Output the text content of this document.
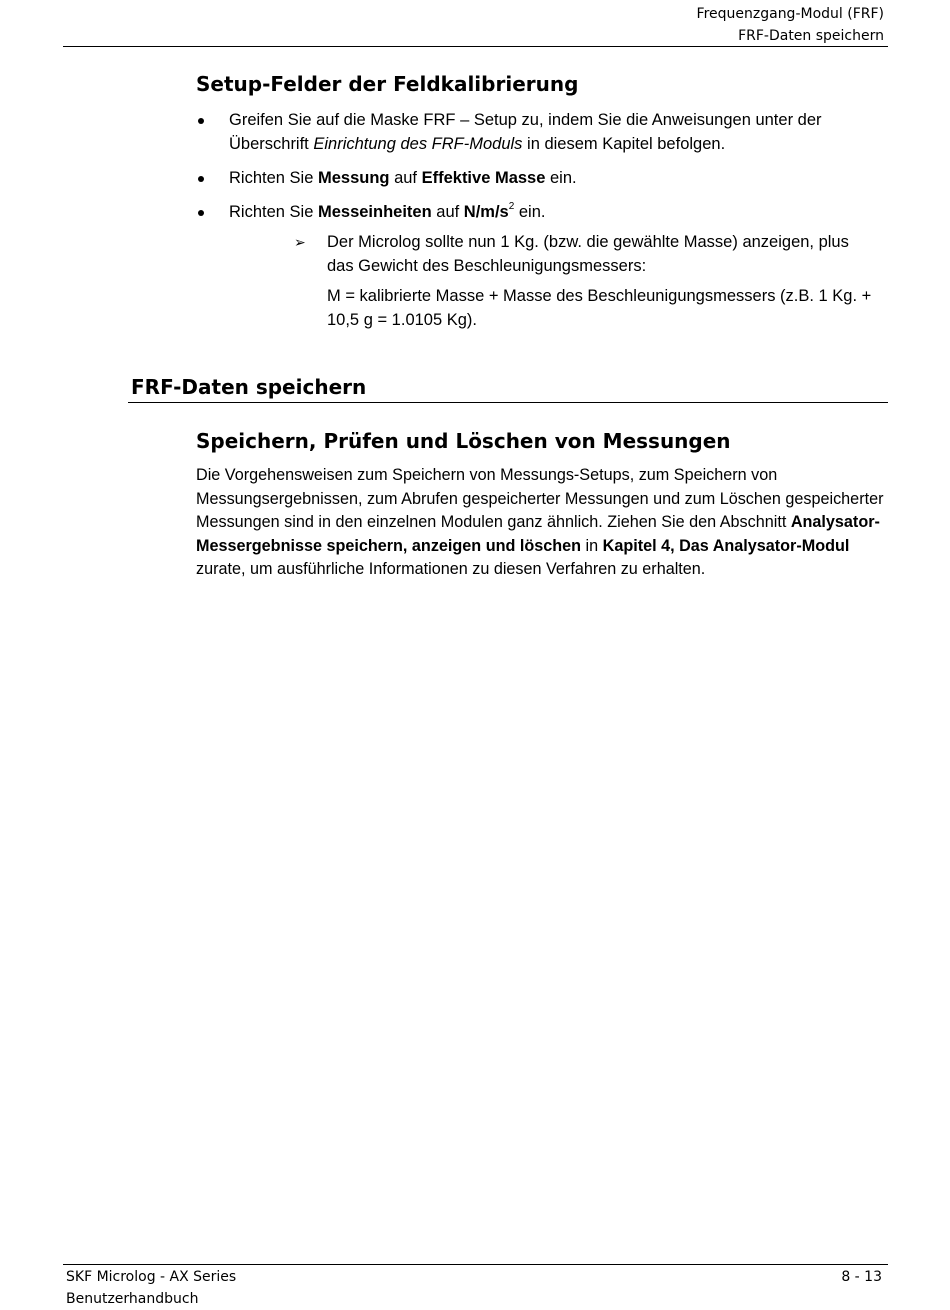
Frequenzgang-Modul (FRF)
FRF-Daten speichern
Setup-Felder der Feldkalibrierung
Greifen Sie auf die Maske FRF – Setup zu, indem Sie die Anweisungen unter der Überschrift Einrichtung des FRF-Moduls in diesem Kapitel befolgen.
Richten Sie Messung auf Effektive Masse ein.
Richten Sie Messeinheiten auf $N/m/s^2$ ein.
➢ Der Microlog sollte nun 1 Kg. (bzw. die gewählte Masse) anzeigen, plus das Gewicht des Beschleunigungsmessers:
M = kalibrierte Masse + Masse des Beschleunigungsmessers (z.B. 1 Kg. + 10,5 g = 1.0105 Kg).
FRF-Daten speichern
Speichern, Prüfen und Löschen von Messungen

Die Vorgehensweisen zum Speichern von Messungs-Setups, zum Speichern von Messungsergebnissen, zum Abrufen gespeicherter Messungen und zum Löschen gespeicherter Messungen sind in den einzelnen Modulen ganz ähnlich. Ziehen Sie den Abschnitt Analysator-Messergebnisse speichern, anzeigen und löschen in Kapitel 4, Das Analysator-Modul zurate, um ausführliche Informationen zu diesen Verfahren zu erhalten.

SKF Microlog - AX Series
Benutzerhandbuch
8 - 13
